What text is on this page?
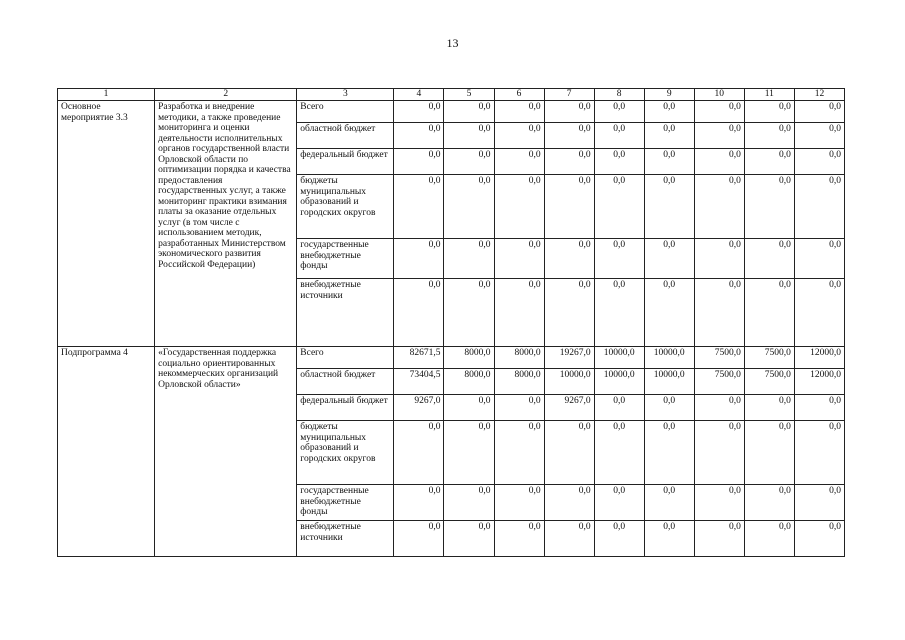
13
1	2	3	4	5	6	7	8	9	10	11	12
Основное мероприятие 3.3	Разработка и внедрение методики, а также проведение мониторинга и оценки деятельности исполнительных органов государственной власти Орловской области по оптимизации порядка и качества предоставления государственных услуг, а также мониторинг практики взимания платы за оказание отдельных услуг (в том числе с использованием методик, разработанных Министерством экономического развития Российской Федерации)	Всего	0,0	0,0	0,0	0,0	0,0	0,0	0,0	0,0	0,0
		областной бюджет	0,0	0,0	0,0	0,0	0,0	0,0	0,0	0,0	0,0
		федеральный бюджет	0,0	0,0	0,0	0,0	0,0	0,0	0,0	0,0	0,0
		бюджеты муниципальных образований и городских округов	0,0	0,0	0,0	0,0	0,0	0,0	0,0	0,0	0,0
		государственные внебюджетные фонды	0,0	0,0	0,0	0,0	0,0	0,0	0,0	0,0	0,0
		внебюджетные источники	0,0	0,0	0,0	0,0	0,0	0,0	0,0	0,0	0,0
Подпрограмма 4	«Государственная поддержка социально ориентированных некоммерческих организаций Орловской области»	Всего	82671,5	8000,0	8000,0	19267,0	10000,0	10000,0	7500,0	7500,0	12000,0
		областной бюджет	73404,5	8000,0	8000,0	10000,0	10000,0	10000,0	7500,0	7500,0	12000,0
		федеральный бюджет	9267,0	0,0	0,0	9267,0	0,0	0,0	0,0	0,0	0,0
		бюджеты муниципальных образований и городских округов	0,0	0,0	0,0	0,0	0,0	0,0	0,0	0,0	0,0
		государственные внебюджетные фонды	0,0	0,0	0,0	0,0	0,0	0,0	0,0	0,0	0,0
		внебюджетные источники	0,0	0,0	0,0	0,0	0,0	0,0	0,0	0,0	0,0
